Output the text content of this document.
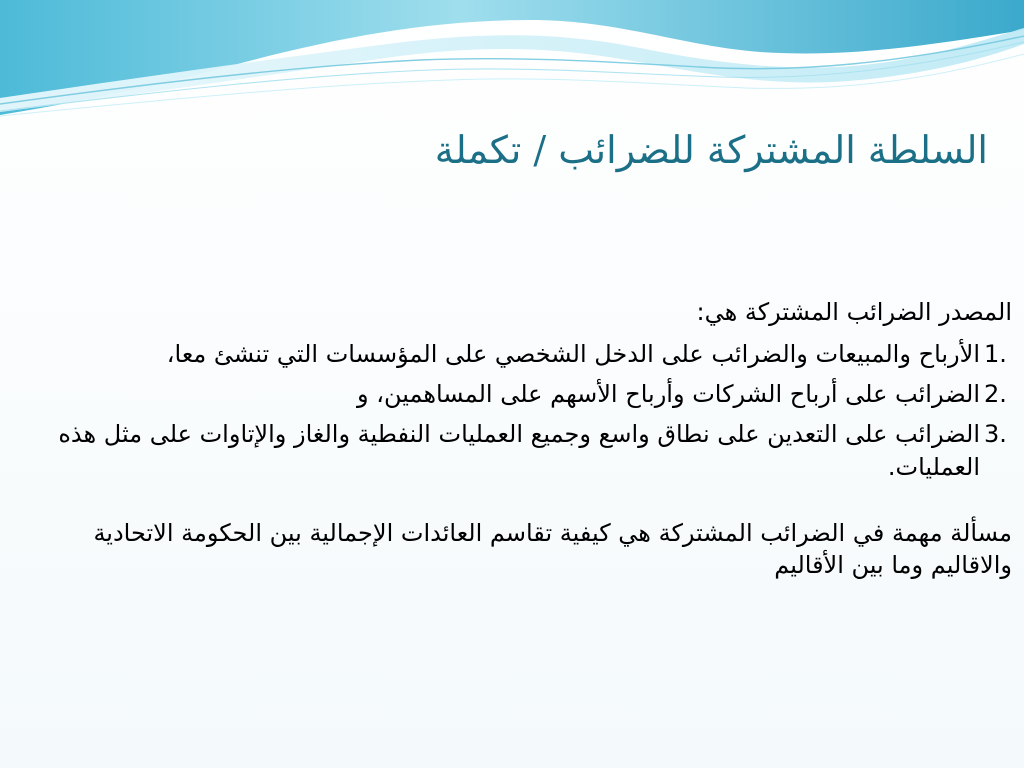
السلطة المشتركة للضرائب / تكملة

المصدر الضرائب المشتركة هي:

1.
الأرباح والمبيعات والضرائب على الدخل الشخصي على المؤسسات التي تنشئ معا،
2.
الضرائب على أرباح الشركات وأرباح الأسهم على المساهمين، و
3.
الضرائب على التعدين على نطاق واسع وجميع العمليات النفطية والغاز والإتاوات على مثل هذه العمليات.

مسألة مهمة في الضرائب المشتركة هي كيفية تقاسم العائدات الإجمالية بين الحكومة الاتحادية والاقاليم وما بين الأقاليم
